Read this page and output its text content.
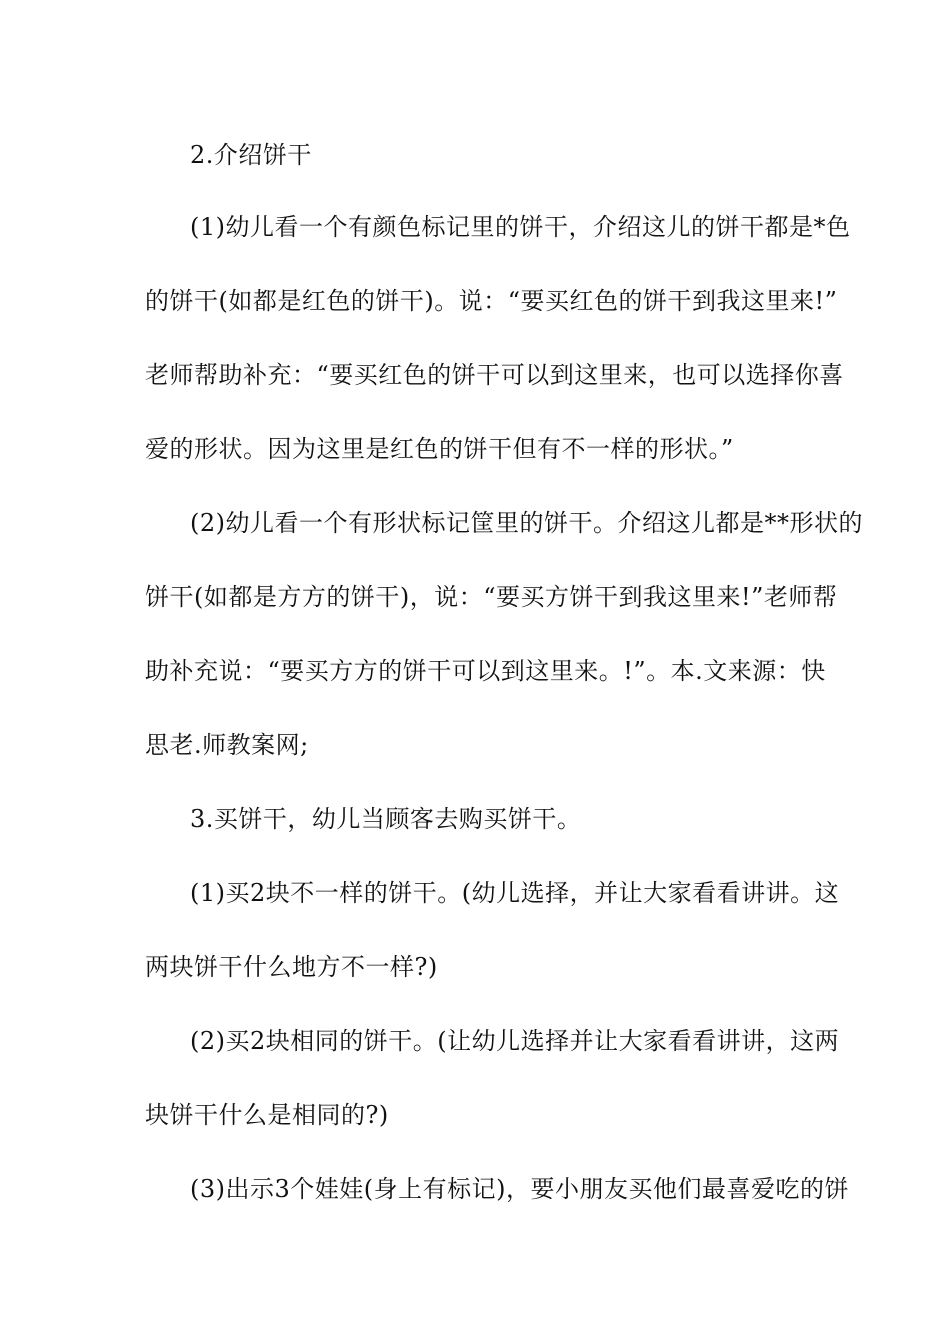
2.介绍饼干
(1)幼儿看一个有颜色标记里的饼干，介绍这儿的饼干都是*色
的饼干(如都是红色的饼干)。说：“要买红色的饼干到我这里来!”
老师帮助补充：“要买红色的饼干可以到这里来，也可以选择你喜
爱的形状。因为这里是红色的饼干但有不一样的形状。”
(2)幼儿看一个有形状标记筐里的饼干。介绍这儿都是**形状的
饼干(如都是方方的饼干)，说：“要买方饼干到我这里来!”老师帮
助补充说：“要买方方的饼干可以到这里来。!”。本.文来源：快
思老.师教案网;
3.买饼干，幼儿当顾客去购买饼干。
(1)买2块不一样的饼干。(幼儿选择，并让大家看看讲讲。这
两块饼干什么地方不一样?)
(2)买2块相同的饼干。(让幼儿选择并让大家看看讲讲，这两
块饼干什么是相同的?)
(3)出示3个娃娃(身上有标记)，要小朋友买他们最喜爱吃的饼
